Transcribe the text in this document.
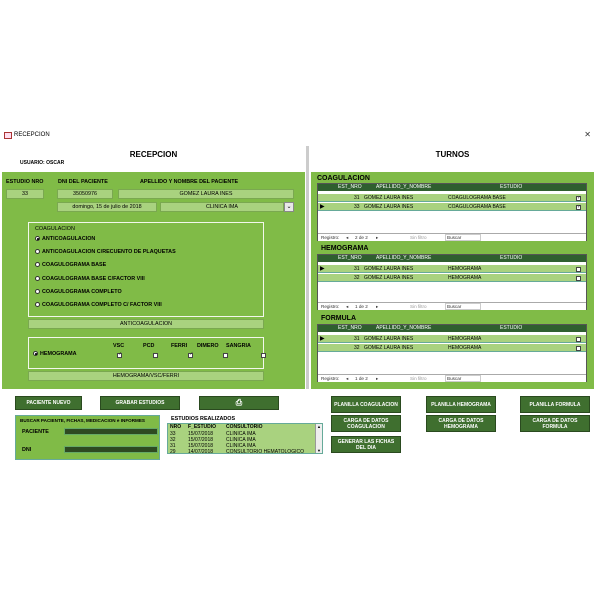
RECEPCION	✕
RECEPCION
USUARIO: OSCAR
TURNOS
ESTUDIO NRO	DNI DEL PACIENTE	APELLIDO Y NOMBRE DEL PACIENTE
33	35050976	GOMEZ LAURA INES
domingo, 15 de julio de 2018	CLINICA IMA	⌄
COAGULACION
ANTICOAGULACION
ANTICOAGULACION C/RECUENTO DE PLAQUETAS
COAGULOGRAMA BASE
COAGULOGRAMA BASE C/FACTOR VIII
COAGULOGRAMA COMPLETO
COAGULOGRAMA COMPLETO C/ FACTOR VIII
ANTICOAGULACION
HEMOGRAMA
VSC	PCD	FERRI DIMERO SANGRIA
✓  ✓
HEMOGRAMA/VSC/FERRI
COAGULACION
EST_NRO	APELLIDO_Y_NOMBRE	ESTUDIO
31 GOMEZ LAURA INES	COAGULOGRAMA BASE
✓
▶	33 GOMEZ LAURA INES	COAGULOGRAMA BASE
✓
Registro: ◂ 2 de 2 ▸	Sin filtro	Buscar
HEMOGRAMA
EST_NRO	APELLIDO_Y_NOMBRE	ESTUDIO
▶	31 GOMEZ LAURA INES	HEMOGRAMA
32 GOMEZ LAURA INES	HEMOGRAMA
Registro: ◂ 1 de 2 ▸	Sin filtro	Buscar
FORMULA
EST_NRO	APELLIDO_Y_NOMBRE	ESTUDIO
▶	31 GOMEZ LAURA INES	HEMOGRAMA
32 GOMEZ LAURA INES	HEMOGRAMA
Registro: ◂ 1 de 2 ▸	Sin filtro	Buscar
PACIENTE NUEVO	GRABAR ESTUDIOS	⎙	PLANILLA COAGULACION	PLANILLA HEMOGRAMA	PLANILLA FORMULA
CARGA DE DATOS COAGULACION
CARGA DE DATOS HEMOGRAMA
CARGA DE DATOS FORMULA
GENERAR LAS FICHAS DEL DIA
BUSCAR PACIENTE, FICHAS, MEDICACION e INFORMES
PACIENTE
DNI
ESTUDIOS REALIZADOS
NRO F_ESTUDIO CONSULTORIO
33 15/07/2018	CLINICA IMA
32 15/07/2018	CLINICA IMA
31 15/07/2018	CLINICA IMA
29 14/07/2018	CONSULTORIO HEMATOLOGICO
▲
▼
